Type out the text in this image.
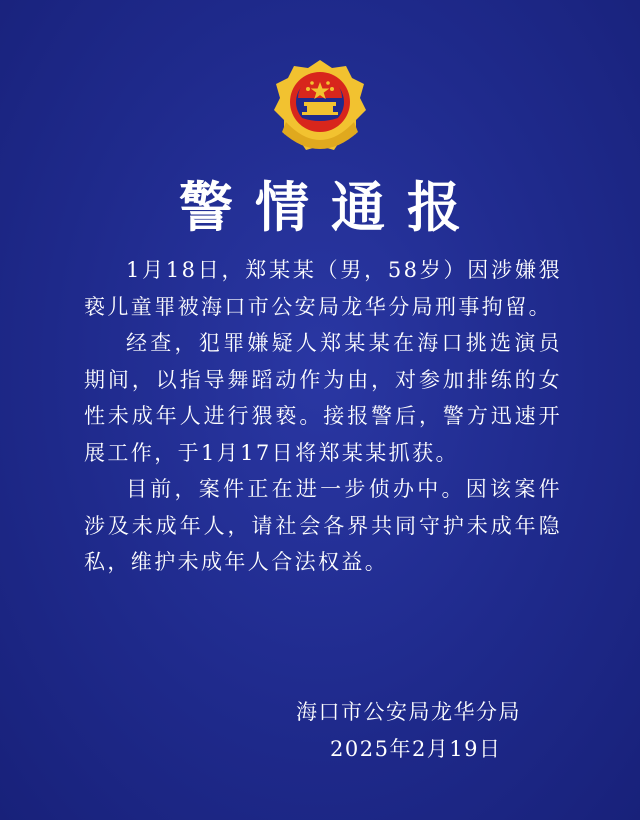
警情通报

1月18日，郑某某（男，58岁）因涉嫌猥亵儿童罪被海口市公安局龙华分局刑事拘留。

经查，犯罪嫌疑人郑某某在海口挑选演员期间，以指导舞蹈动作为由，对参加排练的女性未成年人进行猥亵。接报警后，警方迅速开展工作，于1月17日将郑某某抓获。

目前，案件正在进一步侦办中。因该案件涉及未成年人，请社会各界共同守护未成年隐私，维护未成年人合法权益。

海口市公安局龙华分局
2025年2月19日
